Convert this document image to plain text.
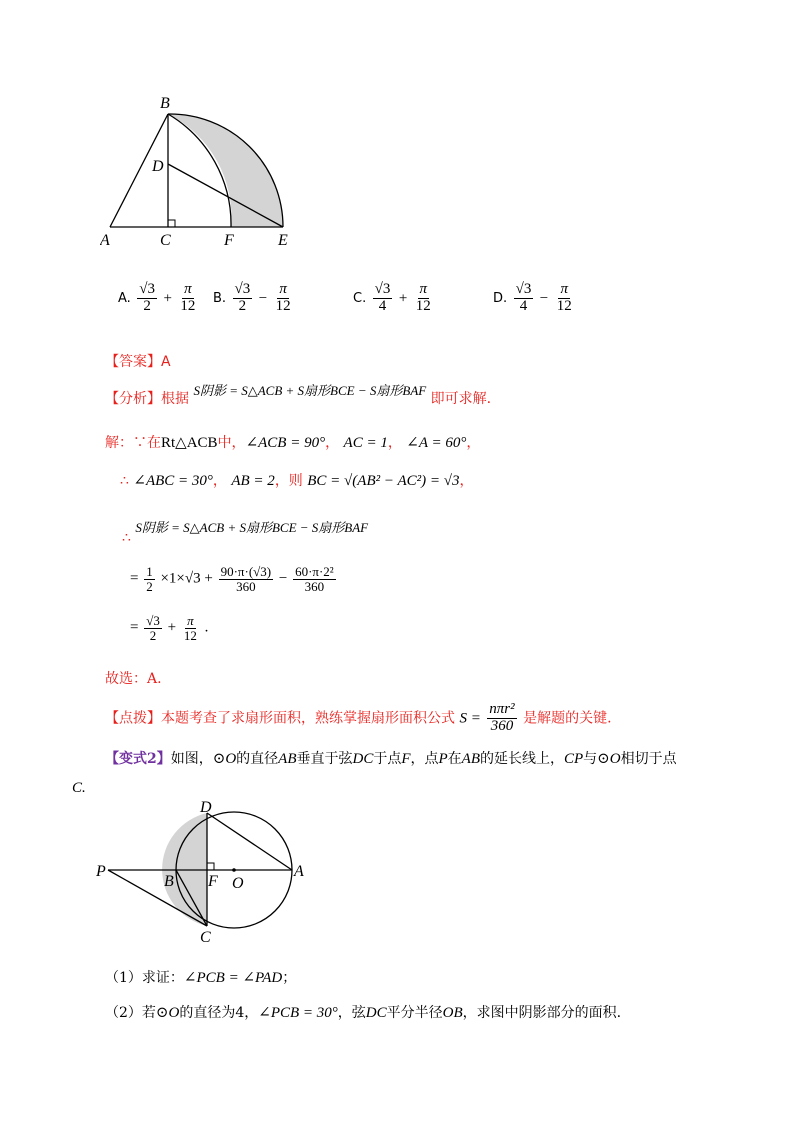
B
D
A	C	F	E
A. $\frac{√3}{2} + \frac{\pi}{12} B$. $\frac{√3}{2} - \frac{\pi}{12}$	C. $\frac{√3}{4} + \frac{\pi}{12}$	D. $\frac{√3}{4} - \frac{\pi}{12}$
【答案】A
【分析】根据 S阴影 = S△ACB + S扇形BCE − S扇形BAF 即可求解.
解：∵在Rt△ACB中，∠ACB = 90°， AC = 1， ∠A = 60°，
∴ ∠ABC = 30°， AB = 2，则 BC = √(AB² − AC²) = √3，
∴ S阴影 = S△ACB + S扇形BCE − S扇形BAF
= $\frac{1}{2} \times 1\times√3 + \frac{90\cdot\pi\cdot(√3)}{360} - \frac{\text{60·π·2²}}{360}$
= $\frac{√3}{2} + \frac{\pi}{12}$ .
故选：A.
【点拨】本题考查了求扇形面积，熟练掌握扇形面积公式 $S = \frac{\text{nπr²}}{360}$ 是解题的关键.
【变式2】如图，⊙O的直径AB垂直于弦DC于点F，点P在AB的延长线上，CP与⊙O相切于点
C.
D
P
B F O
A
C
（1）求证：∠PCB = ∠PAD；
（2）若⊙O的直径为4，∠PCB = 30°，弦DC平分半径OB，求图中阴影部分的面积.
